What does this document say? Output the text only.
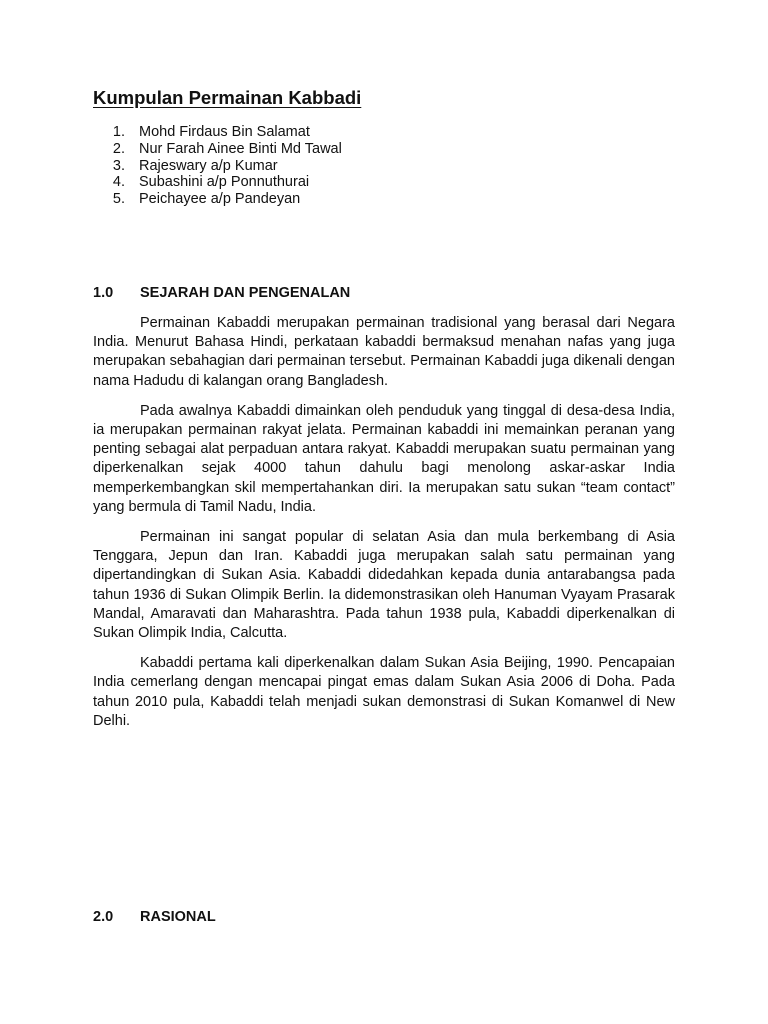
Kumpulan Permainan Kabbadi
1. Mohd Firdaus Bin Salamat
2. Nur Farah Ainee Binti Md Tawal
3. Rajeswary a/p Kumar
4. Subashini a/p Ponnuthurai
5. Peichayee a/p Pandeyan
1.0	SEJARAH DAN PENGENALAN

Permainan Kabaddi merupakan permainan tradisional yang berasal dari Negara India. Menurut Bahasa Hindi, perkataan kabaddi bermaksud menahan nafas yang juga merupakan sebahagian dari permainan tersebut. Permainan Kabaddi juga dikenali dengan nama Hadudu di kalangan orang Bangladesh.

Pada awalnya Kabaddi dimainkan oleh penduduk yang tinggal di desa-desa India, ia merupakan permainan rakyat jelata. Permainan kabaddi ini memainkan peranan yang penting sebagai alat perpaduan antara rakyat. Kabaddi merupakan suatu permainan yang diperkenalkan sejak 4000 tahun dahulu bagi menolong askar-askar India memperkembangkan skil mempertahankan diri. Ia merupakan satu sukan “team contact” yang bermula di Tamil Nadu, India.

Permainan ini sangat popular di selatan Asia dan mula berkembang di Asia Tenggara, Jepun dan Iran. Kabaddi juga merupakan salah satu permainan yang dipertandingkan di Sukan Asia. Kabaddi didedahkan kepada dunia antarabangsa pada tahun 1936 di Sukan Olimpik Berlin. Ia didemonstrasikan oleh Hanuman Vyayam Prasarak Mandal, Amaravati dan Maharashtra. Pada tahun 1938 pula, Kabaddi diperkenalkan di Sukan Olimpik India, Calcutta.

Kabaddi pertama kali diperkenalkan dalam Sukan Asia Beijing, 1990. Pencapaian India cemerlang dengan mencapai pingat emas dalam Sukan Asia 2006 di Doha. Pada tahun 2010 pula, Kabaddi telah menjadi sukan demonstrasi di Sukan Komanwel di New Delhi.

2.0	RASIONAL
